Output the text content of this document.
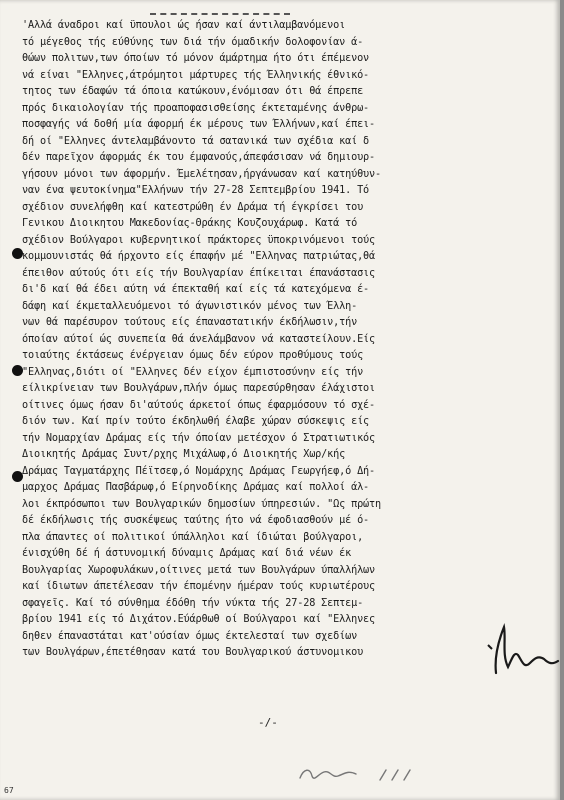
'Αλλά άναδροι καί ϋπουλοι ώς ήσαν καί άντιλαμβανόμενοι
τό μέγεθος τής εύθύνης των διά τήν όμαδικήν δολοφονίαν ά-
θώων πολιτων,των όποίων τό μόνον άμάρτημα ήτο ότι έπέμενον
νά είναι "Ελληνες,άτρόμητοι μάρτυρες τής Έλληνικής έθνικό-
τητος των έδαφών τά όποια κατώκουν,ένόμισαν ότι θά έπρεπε
πρός δικαιολογίαν τής προαποφασισθείσης έκτεταμένης άνθρω-
ποσφαγής νά δοθή μία άφορμή έκ μέρους των Έλλήνων,καί έπει-
δή οί "Ελληνες άντελαμβάνοντο τά σατανικά των σχέδια καί δ
δέν παρεῖχον άφορμάς έκ του έμφανούς,άπεφάσισαν νά δημιουρ-
γήσουν μόνοι των άφορμήν. Έμελέτησαν,ήργάνωσαν καί κατηύθυν-
ναν ένα ψευτοκίνημα"Ελλήνων τήν 27-28 Σεπτεμβρίου 1941. Τό
σχέδιον συνελήφθη καί κατεστρώθη έν Δράμα τή έγκρίσει του
Γενικου Διοικητου Μακεδονίας-Θράκης Κουζουχάρωφ. Κατά τό
σχέδιον Βούλγαροι κυβερνητικοί πράκτορες ϋποκρινόμενοι τούς
κομμουνιστάς θά ήρχοντο είς έπαφήν μέ "Ελληνας πατριώτας,θά
έπειθον αύτούς ότι είς τήν Βουλγαρίαν έπίκειται έπανάστασις
δι'δ καί θά έδει αύτη νά έπεκταθή καί είς τά κατεχόμενα έ-
δάφη καί έκμεταλλευόμενοι τό άγωνιστικόν μένος των Έλλη-
νων θά παρέσυρον τούτους είς έπαναστατικήν έκδήλωσιν,τήν
όποίαν αύτοί ώς συνεπεία θά άνελάμβανον νά καταστείλουν.Είς
τοιαύτης έκτάσεως ένέργειαν όμως δέν εύρον προθύμους τούς
"Ελληνας,διότι οί "Ελληνες δέν είχον έμπιστοσύνην είς τήν
είλικρίνειαν των Βουλγάρων,πλήν όμως παρεσύρθησαν έλάχιστοι
οίτινες όμως ήσαν δι'αύτούς άρκετοί όπως έφαρμόσουν τό σχέ-
διόν των. Καί πρίν τούτο έκδηλωθή έλαβε χώραν σύσκεψις είς
τήν Νομαρχίαν Δράμας είς τήν όποίαν μετέσχον ό Στρατιωτικός
Διοικητής Δράμας Συντ/ρχης Μιχάλωφ,ό Διοικητής Χωρ/κής
Δράμας Ταγματάρχης Πέϊτσεφ,ό Νομάρχης Δράμας Γεωργήεφ,ό Δή-
μαρχος Δράμας Πασβάρωφ,ό Είρηνοδίκης Δράμας καί πολλοί άλ-
λοι έκπρόσωποι των Βουλγαρικών δημοσίων ύπηρεσιών. "Ως πρώτη
δέ έκδήλωσις τής συσκέψεως ταύτης ήτο νά έφοδιασθούν μέ ό-
πλα άπαντες οί πολιτικοί ύπάλληλοι καί ίδιώται βούλγαροι,
ένισχύθη δέ ή άστυνομική δύναμις Δράμας καί διά νέων έκ
Βουλγαρίας Χωροφυλάκων,οίτινες μετά των Βουλγάρων ύπαλλήλων
καί ίδιωτων άπετέλεσαν τήν έπομένην ήμέραν τούς κυριωτέρους
σφαγεῖς. Καί τό σύνθημα έδόθη τήν νύκτα τής 27-28 Σεπτεμ-
βρίου 1941 είς τό Διχάτον.Εύάρθωθ οί Βούλγαροι καί "Ελληνες
δηθεν έπαναστάται κατ'ούσίαν όμως έκτελεσταί των σχεδίων
των Βουλγάρων,έπετέθησαν κατά του Βουλγαρικού άστυνομικου
-/-
67
